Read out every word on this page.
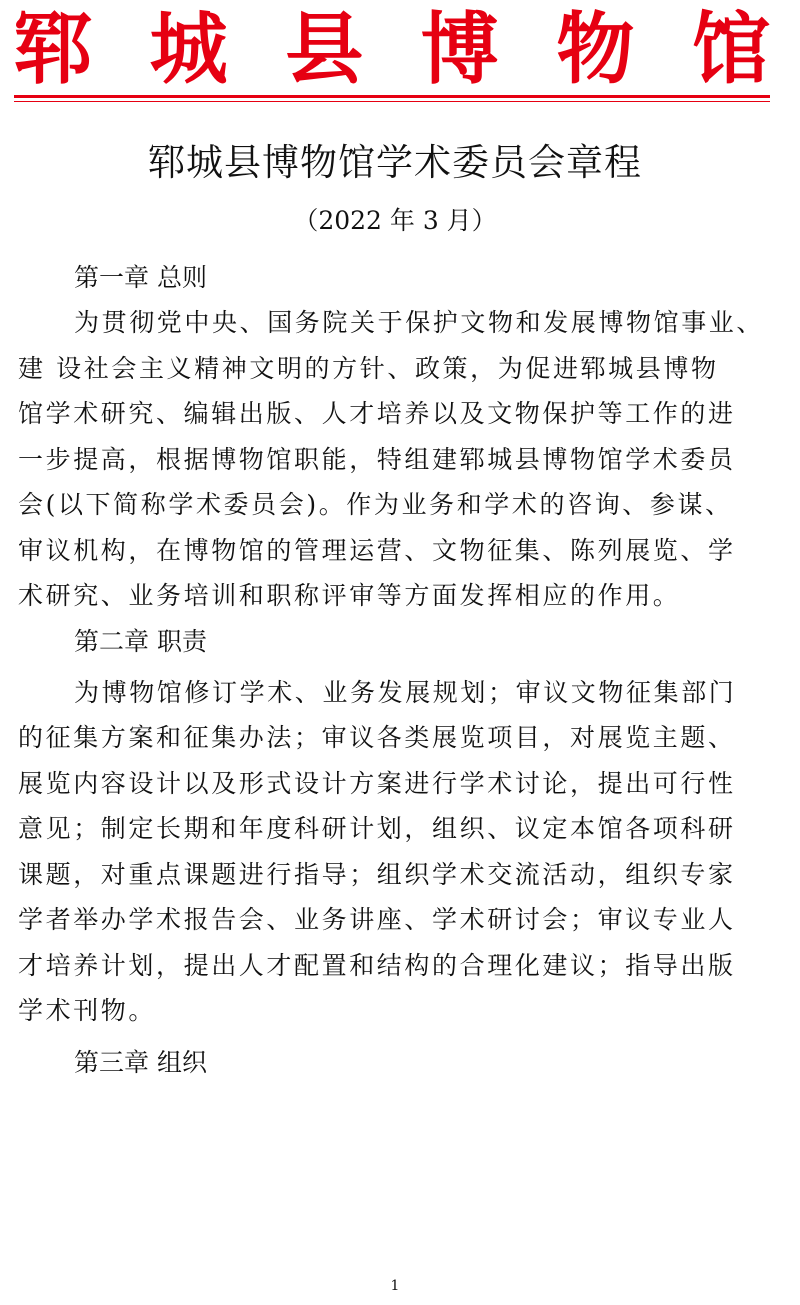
郓 城 县 博 物 馆
郓城县博物馆学术委员会章程
（2022 年 3 月）

第一章 总则

为贯彻党中央、国务院关于保护文物和发展博物馆事业、

建 设社会主义精神文明的方针、政策，为促进郓城县博物

馆学术研究、编辑出版、人才培养以及文物保护等工作的进

一步提高，根据博物馆职能，特组建郓城县博物馆学术委员

会(以下简称学术委员会)。作为业务和学术的咨询、参谋、

审议机构，在博物馆的管理运营、文物征集、陈列展览、学

术研究、业务培训和职称评审等方面发挥相应的作用。

第二章 职责

为博物馆修订学术、业务发展规划；审议文物征集部门

的征集方案和征集办法；审议各类展览项目，对展览主题、

展览内容设计以及形式设计方案进行学术讨论，提出可行性

意见；制定长期和年度科研计划，组织、议定本馆各项科研

课题，对重点课题进行指导；组织学术交流活动，组织专家

学者举办学术报告会、业务讲座、学术研讨会；审议专业人

才培养计划，提出人才配置和结构的合理化建议；指导出版

学术刊物。

第三章 组织

1
